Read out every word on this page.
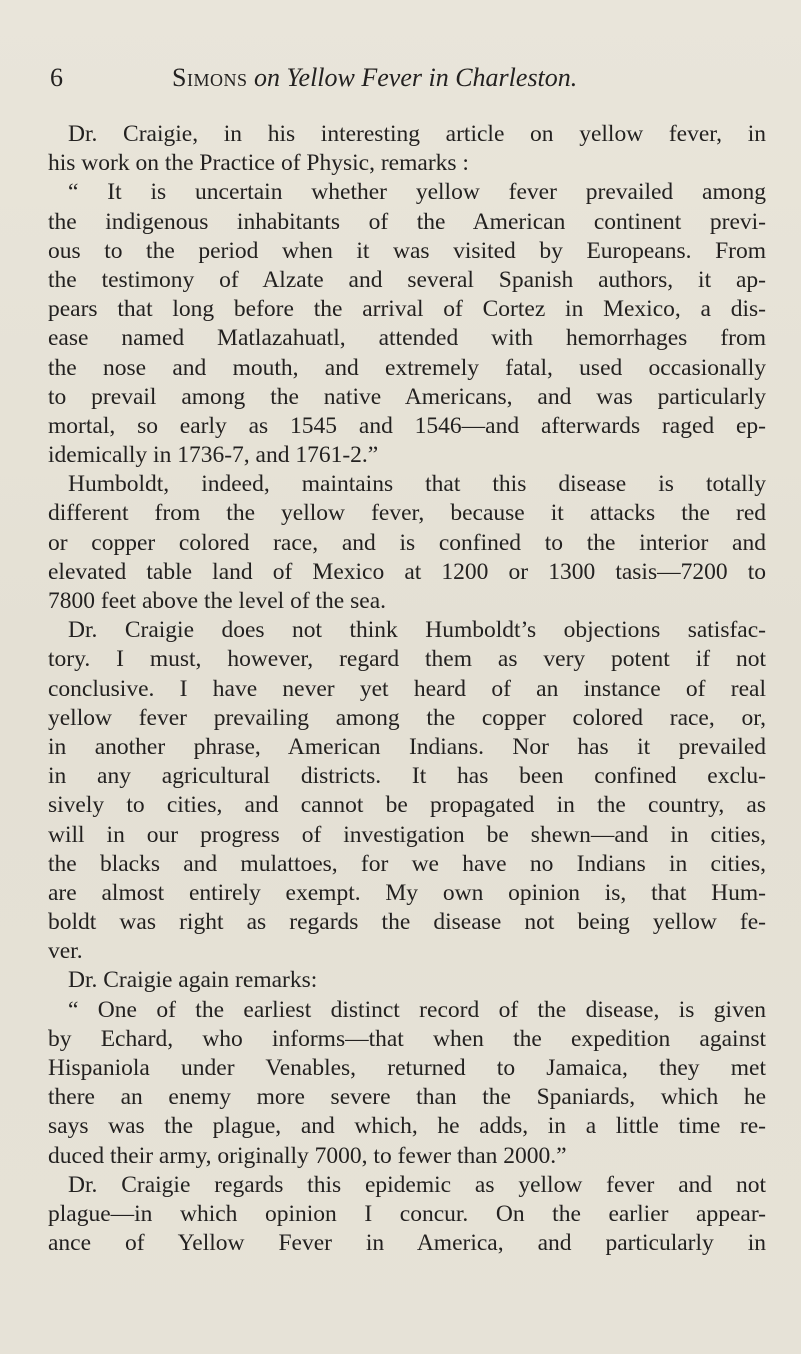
6	Simons on Yellow Fever in Charleston.
Dr. Craigie, in his interesting article on yellow fever, in
his work on the Practice of Physic, remarks :
“ It is uncertain whether yellow fever prevailed among
the indigenous inhabitants of the American continent previ-
ous to the period when it was visited by Europeans. From
the testimony of Alzate and several Spanish authors, it ap-
pears that long before the arrival of Cortez in Mexico, a dis-
ease named Matlazahuatl, attended with hemorrhages from
the nose and mouth, and extremely fatal, used occasionally
to prevail among the native Americans, and was particularly
mortal, so early as 1545 and 1546—and afterwards raged ep-
idemically in 1736-7, and 1761-2.”
Humboldt, indeed, maintains that this disease is totally
different from the yellow fever, because it attacks the red
or copper colored race, and is confined to the interior and
elevated table land of Mexico at 1200 or 1300 tasis—7200 to
7800 feet above the level of the sea.
Dr. Craigie does not think Humboldt’s objections satisfac-
tory. I must, however, regard them as very potent if not
conclusive. I have never yet heard of an instance of real
yellow fever prevailing among the copper colored race, or,
in another phrase, American Indians. Nor has it prevailed
in any agricultural districts. It has been confined exclu-
sively to cities, and cannot be propagated in the country, as
will in our progress of investigation be shewn—and in cities,
the blacks and mulattoes, for we have no Indians in cities,
are almost entirely exempt. My own opinion is, that Hum-
boldt was right as regards the disease not being yellow fe-
ver.
Dr. Craigie again remarks:
“ One of the earliest distinct record of the disease, is given
by Echard, who informs—that when the expedition against
Hispaniola under Venables, returned to Jamaica, they met
there an enemy more severe than the Spaniards, which he
says was the plague, and which, he adds, in a little time re-
duced their army, originally 7000, to fewer than 2000.”
Dr. Craigie regards this epidemic as yellow fever and not
plague—in which opinion I concur. On the earlier appear-
ance of Yellow Fever in America, and particularly in
